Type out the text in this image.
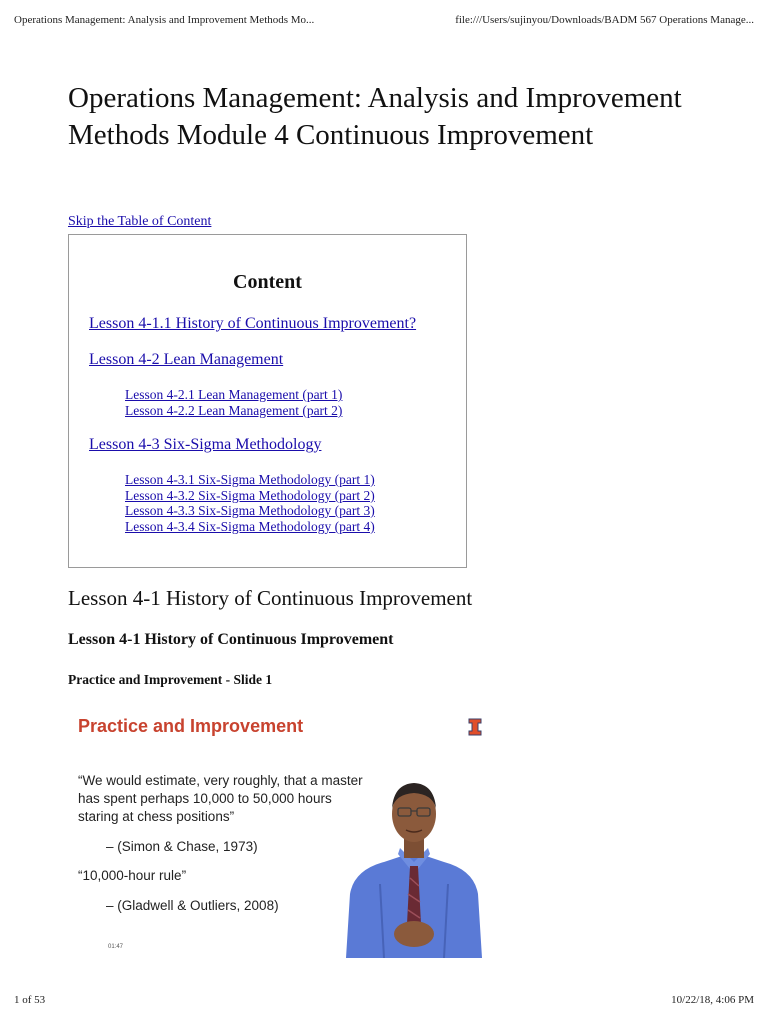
Operations Management: Analysis and Improvement Methods Mo...	file:///Users/sujinyou/Downloads/BADM 567 Operations Manage...
Operations Management: Analysis and Improvement Methods Module 4 Continuous Improvement
Skip the Table of Content
Content
Lesson 4-1.1 History of Continuous Improvement?
Lesson 4-2 Lean Management
Lesson 4-2.1 Lean Management (part 1)
Lesson 4-2.2 Lean Management (part 2)
Lesson 4-3 Six-Sigma Methodology
Lesson 4-3.1 Six-Sigma Methodology (part 1)
Lesson 4-3.2 Six-Sigma Methodology (part 2)
Lesson 4-3.3 Six-Sigma Methodology (part 3)
Lesson 4-3.4 Six-Sigma Methodology (part 4)
Lesson 4-1 History of Continuous Improvement
Lesson 4-1 History of Continuous Improvement
Practice and Improvement - Slide 1
Practice and Improvement
“We would estimate, very roughly, that a master has spent perhaps 10,000 to 50,000 hours staring at chess positions”
– (Simon & Chase, 1973)
“10,000-hour rule”
– (Gladwell & Outliers, 2008)
01:47
1 of 53	10/22/18, 4:06 PM
